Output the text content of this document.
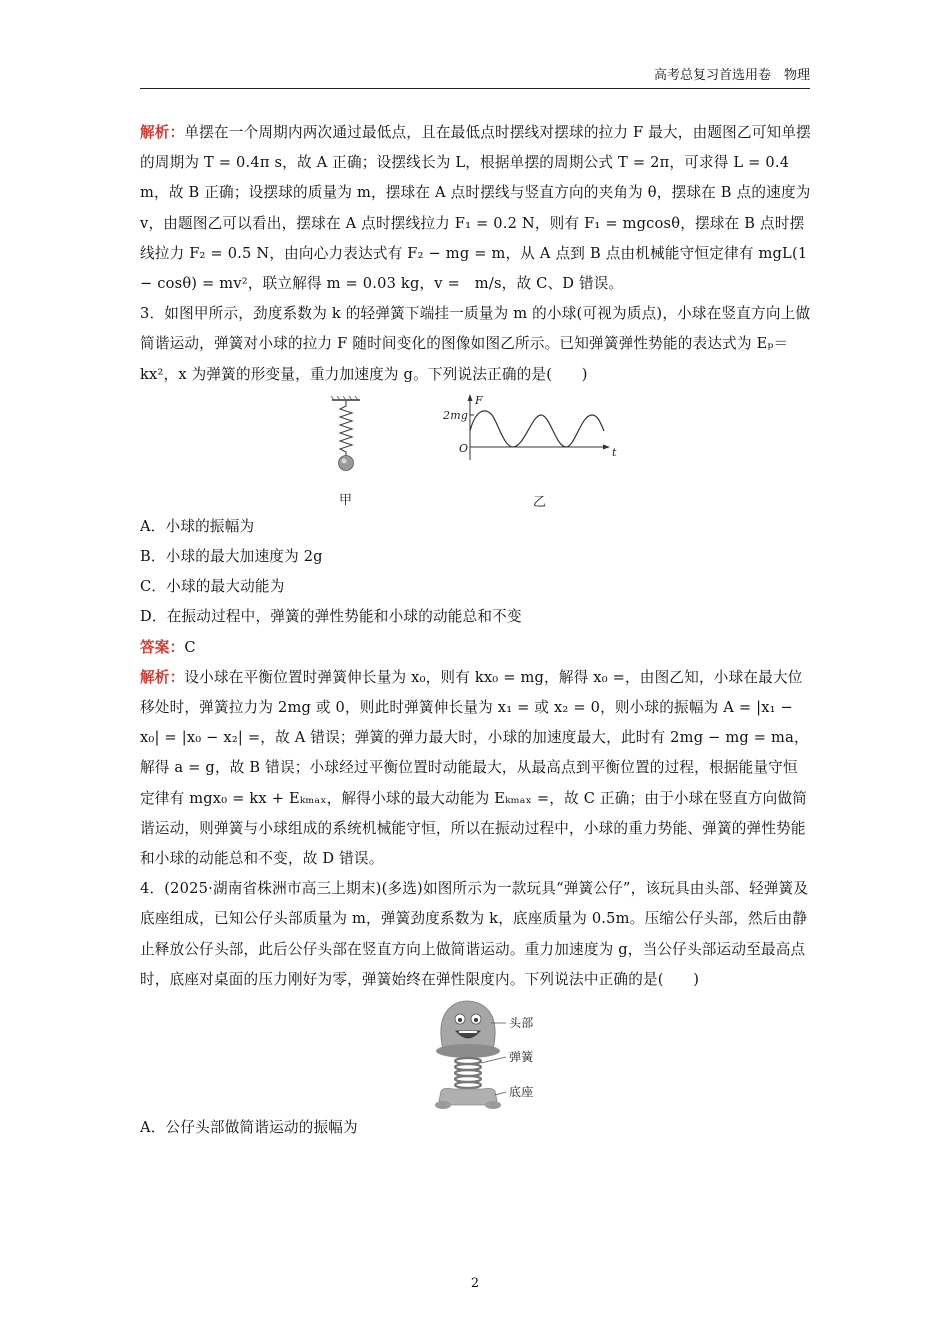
高考总复习首选用卷　物理

解析：单摆在一个周期内两次通过最低点，且在最低点时摆线对摆球的拉力 F 最大，由题图乙可知单摆的周期为 T = 0.4π s，故 A 正确；设摆线长为 L，根据单摆的周期公式 T = 2π，可求得 L = 0.4 m，故 B 正确；设摆球的质量为 m，摆球在 A 点时摆线与竖直方向的夹角为 θ，摆球在 B 点的速度为 v，由题图乙可以看出，摆球在 A 点时摆线拉力 F₁ = 0.2 N，则有 F₁ = mgcosθ，摆球在 B 点时摆线拉力 F₂ = 0.5 N，由向心力表达式有 F₂ − mg = m，从 A 点到 B 点由机械能守恒定律有 mgL(1 − cosθ) = mv²，联立解得 m = 0.03 kg，v =　m/s，故 C、D 错误。

3．如图甲所示，劲度系数为 k 的轻弹簧下端挂一质量为 m 的小球(可视为质点)，小球在竖直方向上做简谐运动，弹簧对小球的拉力 F 随时间变化的图像如图乙所示。已知弹簧弹性势能的表达式为 Eₚ＝kx²，x 为弹簧的形变量，重力加速度为 g。下列说法正确的是(　　)

甲
F
t
2mg
O
乙

A．小球的振幅为

B．小球的最大加速度为 2g

C．小球的最大动能为

D．在振动过程中，弹簧的弹性势能和小球的动能总和不变

答案：C

解析：设小球在平衡位置时弹簧伸长量为 x₀，则有 kx₀ = mg，解得 x₀ =，由图乙知，小球在最大位移处时，弹簧拉力为 2mg 或 0，则此时弹簧伸长量为 x₁ = 或 x₂ = 0，则小球的振幅为 A = |x₁ − x₀| = |x₀ − x₂| =，故 A 错误；弹簧的弹力最大时，小球的加速度最大，此时有 2mg − mg = ma，解得 a = g，故 B 错误；小球经过平衡位置时动能最大，从最高点到平衡位置的过程，根据能量守恒定律有 mgx₀ = kx + Eₖₘₐₓ，解得小球的最大动能为 Eₖₘₐₓ =，故 C 正确；由于小球在竖直方向做简谐运动，则弹簧与小球组成的系统机械能守恒，所以在振动过程中，小球的重力势能、弹簧的弹性势能和小球的动能总和不变，故 D 错误。

4．(2025·湖南省株洲市高三上期末)(多选)如图所示为一款玩具“弹簧公仔”，该玩具由头部、轻弹簧及底座组成，已知公仔头部质量为 m，弹簧劲度系数为 k，底座质量为 0.5m。压缩公仔头部，然后由静止释放公仔头部，此后公仔头部在竖直方向上做简谐运动。重力加速度为 g，当公仔头部运动至最高点时，底座对桌面的压力刚好为零，弹簧始终在弹性限度内。下列说法中正确的是(　　)

头部
弹簧
底座

A．公仔头部做简谐运动的振幅为

2
